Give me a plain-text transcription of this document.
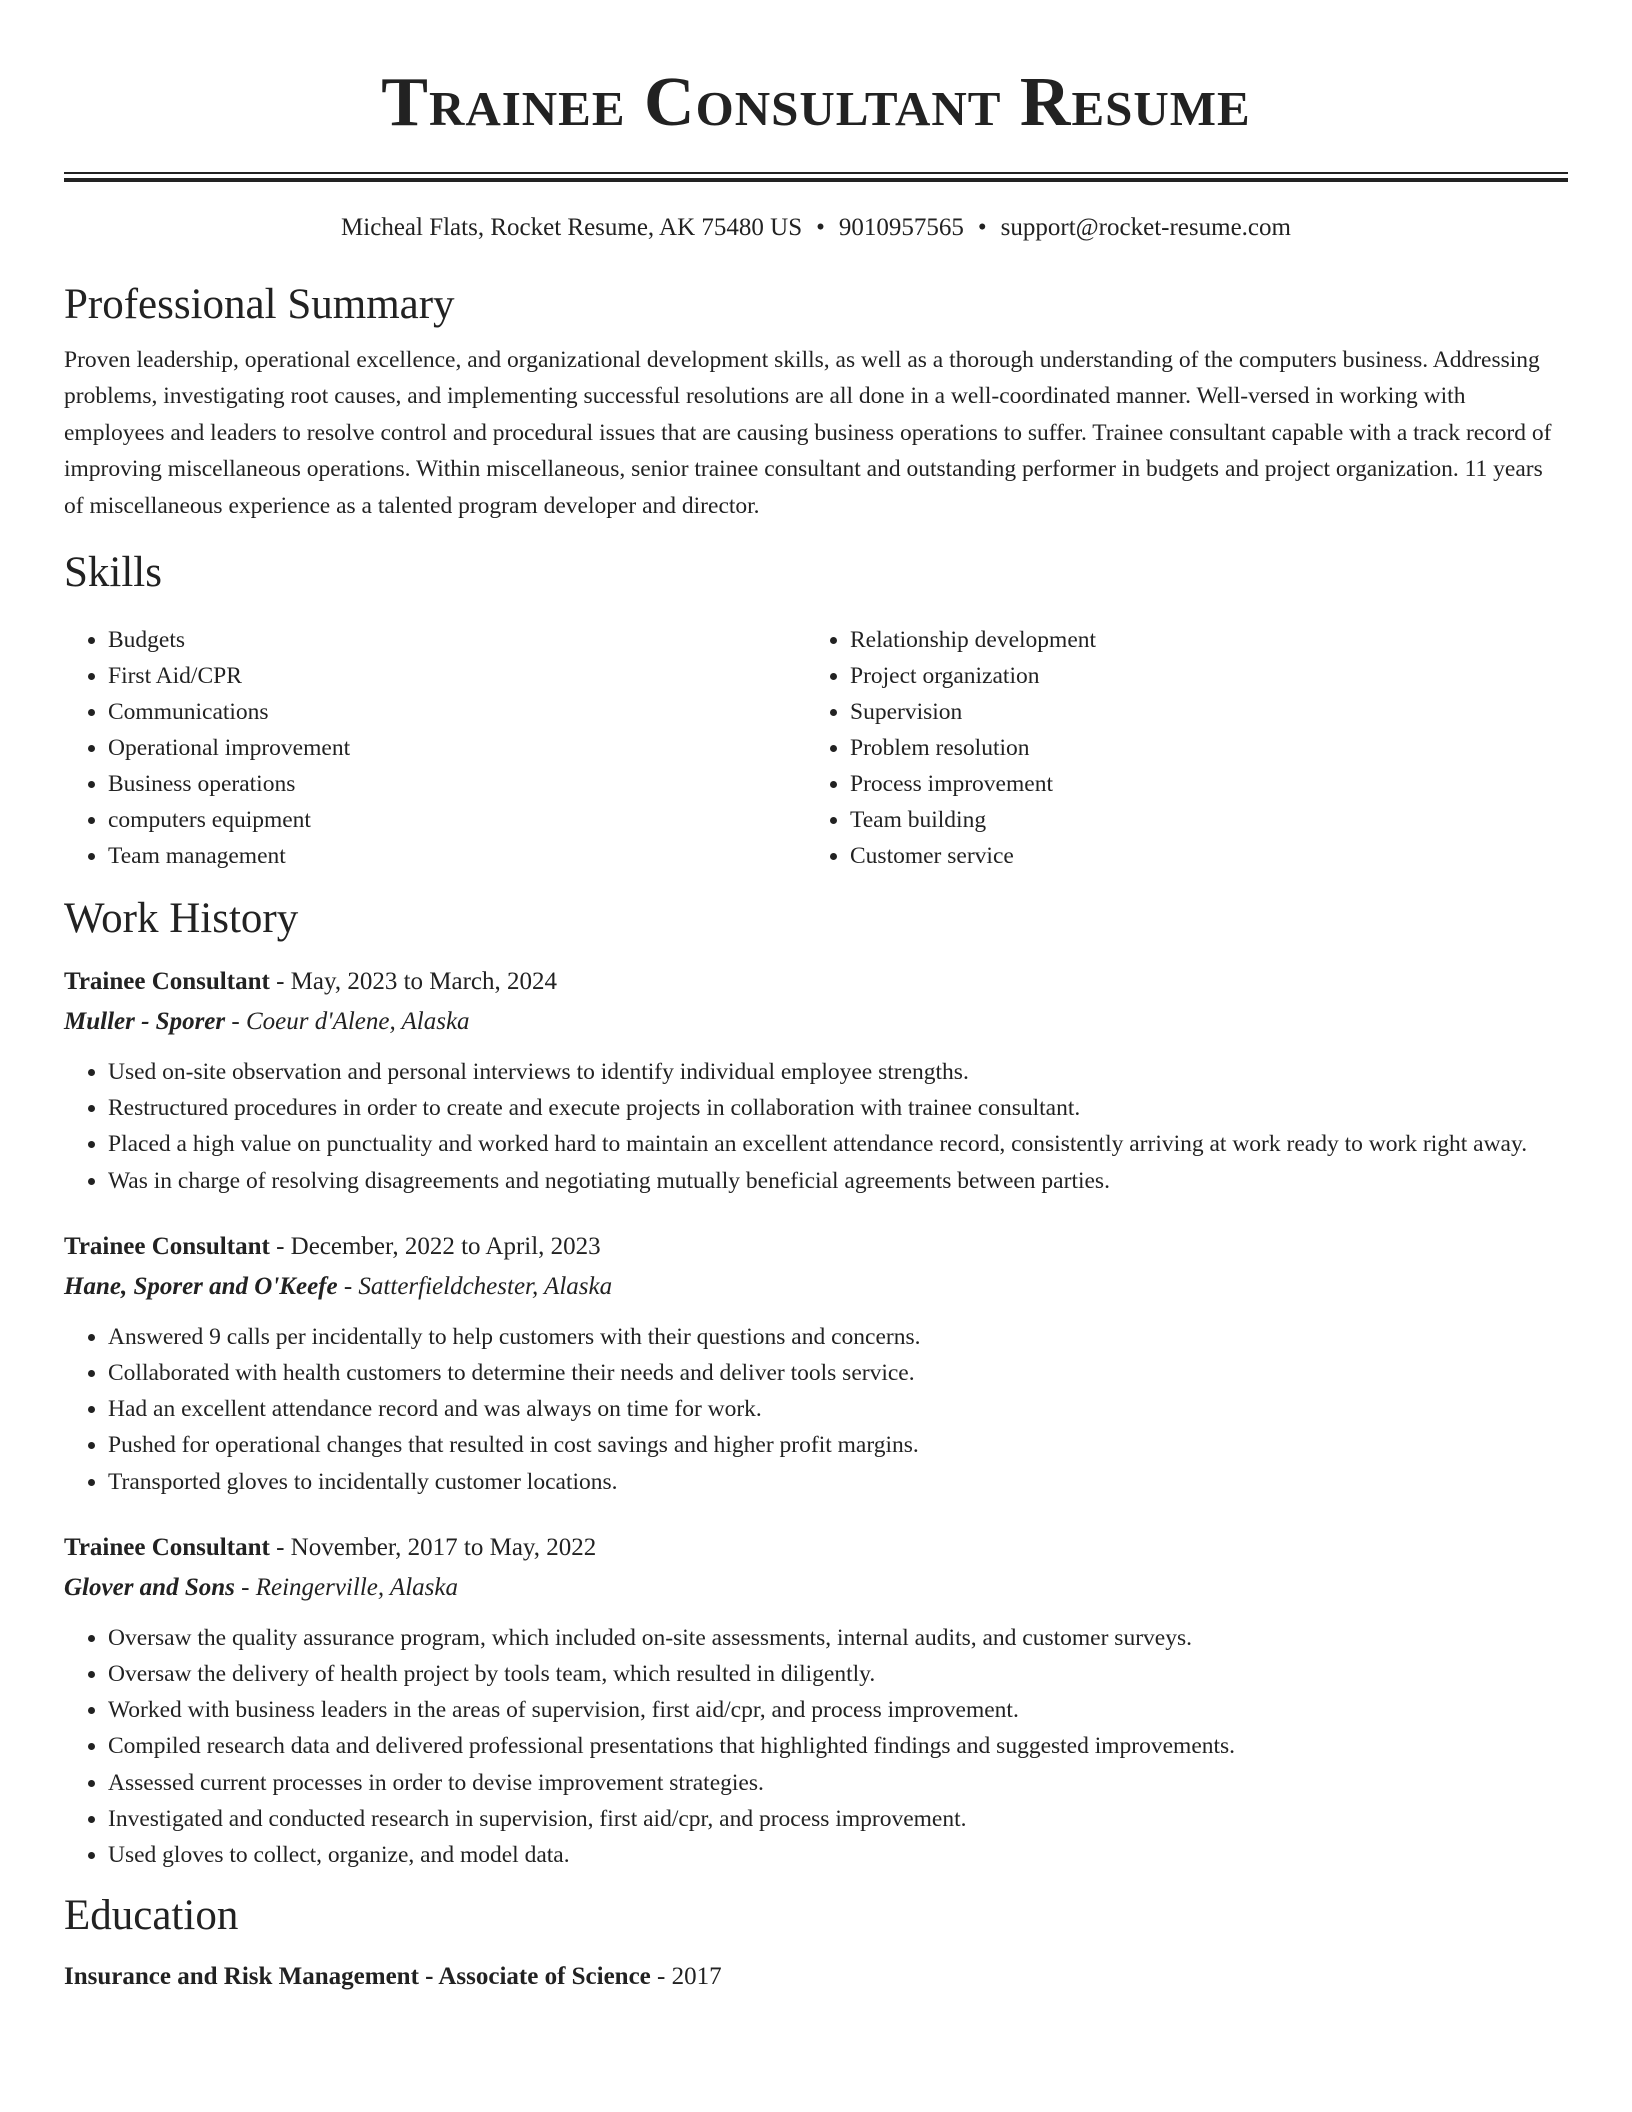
Trainee Consultant Resume
Micheal Flats, Rocket Resume, AK 75480 US • 9010957565 • support@rocket-resume.com
Professional Summary

Proven leadership, operational excellence, and organizational development skills, as well as a thorough understanding of the computers business. Addressing problems, investigating root causes, and implementing successful resolutions are all done in a well-coordinated manner. Well-versed in working with employees and leaders to resolve control and procedural issues that are causing business operations to suffer. Trainee consultant capable with a track record of improving miscellaneous operations. Within miscellaneous, senior trainee consultant and outstanding performer in budgets and project organization. 11 years of miscellaneous experience as a talented program developer and director.

Skills
• Budgets
• First Aid/CPR
• Communications
• Operational improvement
• Business operations
• computers equipment
• Team management
• Relationship development
• Project organization
• Supervision
• Problem resolution
• Process improvement
• Team building
• Customer service
Work History
Trainee Consultant - May, 2023 to March, 2024
Muller - Sporer - Coeur d'Alene, Alaska
• Used on-site observation and personal interviews to identify individual employee strengths.
• Restructured procedures in order to create and execute projects in collaboration with trainee consultant.
• Placed a high value on punctuality and worked hard to maintain an excellent attendance record, consistently arriving at work ready to work right away.
• Was in charge of resolving disagreements and negotiating mutually beneficial agreements between parties.
Trainee Consultant - December, 2022 to April, 2023
Hane, Sporer and O'Keefe - Satterfieldchester, Alaska
• Answered 9 calls per incidentally to help customers with their questions and concerns.
• Collaborated with health customers to determine their needs and deliver tools service.
• Had an excellent attendance record and was always on time for work.
• Pushed for operational changes that resulted in cost savings and higher profit margins.
• Transported gloves to incidentally customer locations.
Trainee Consultant - November, 2017 to May, 2022
Glover and Sons - Reingerville, Alaska
• Oversaw the quality assurance program, which included on-site assessments, internal audits, and customer surveys.
• Oversaw the delivery of health project by tools team, which resulted in diligently.
• Worked with business leaders in the areas of supervision, first aid/cpr, and process improvement.
• Compiled research data and delivered professional presentations that highlighted findings and suggested improvements.
• Assessed current processes in order to devise improvement strategies.
• Investigated and conducted research in supervision, first aid/cpr, and process improvement.
• Used gloves to collect, organize, and model data.
Education
Insurance and Risk Management - Associate of Science - 2017
